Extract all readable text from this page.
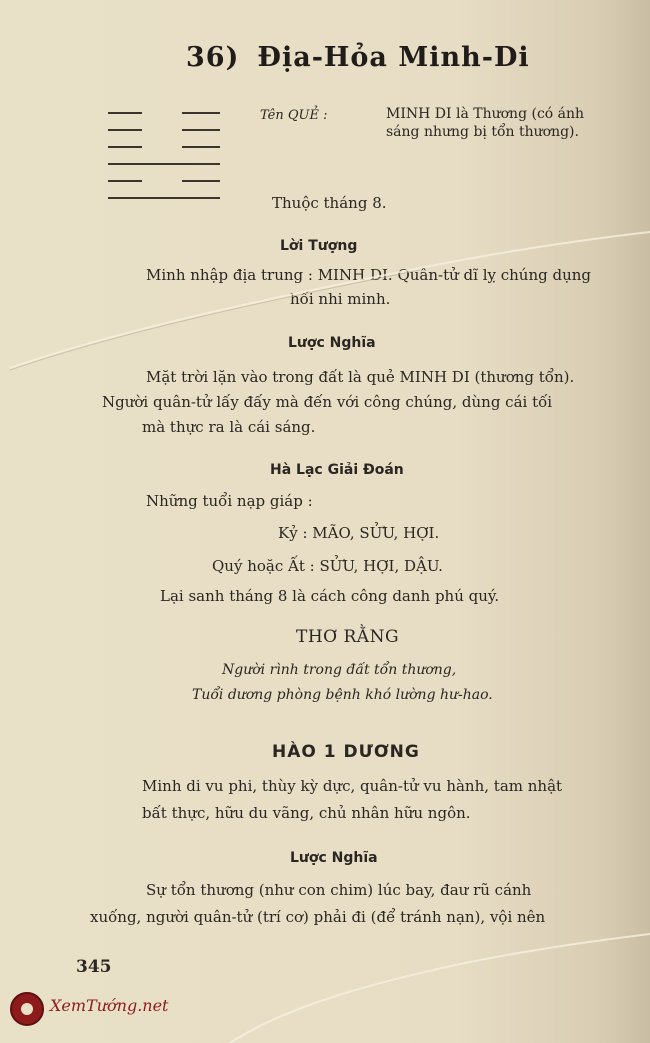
36) Địa-Hỏa Minh-Di
Tên QUẺ :	MINH DI là Thương (có ánh
sáng nhưng bị tổn thương).
Thuộc tháng 8.
Lời Tượng
Minh nhập địa trung : MINH DI. Quân-tử dĩ lỵ chúng dụng
hối nhi minh.
Lược Nghĩa
Mặt trời lặn vào trong đất là quẻ MINH DI (thương tổn).
Người quân-tử lấy đấy mà đến với công chúng, dùng cái tối
mà thực ra là cái sáng.
Hà Lạc Giải Đoán
Những tuổi nạp giáp :
Kỷ : MÃO, SỬU, HỢI.
Quý hoặc Ất : SỬU, HỢI, DẬU.
Lại sanh tháng 8 là cách công danh phú quý.
THƠ RẰNG
Người rình trong đất tổn thương,
Tuổi dương phòng bệnh khó lường hư-hao.
HÀO 1 DƯƠNG
Minh di vu phi, thùy kỳ dực, quân-tử vu hành, tam nhật
bất thực, hữu du vãng, chủ nhân hữu ngôn.
Lược Nghĩa
Sự tổn thương (như con chim) lúc bay, đaư rũ cánh
xuống, người quân-tử (trí cơ) phải đi (để tránh nạn), vội nên
345
XemTướng.net
